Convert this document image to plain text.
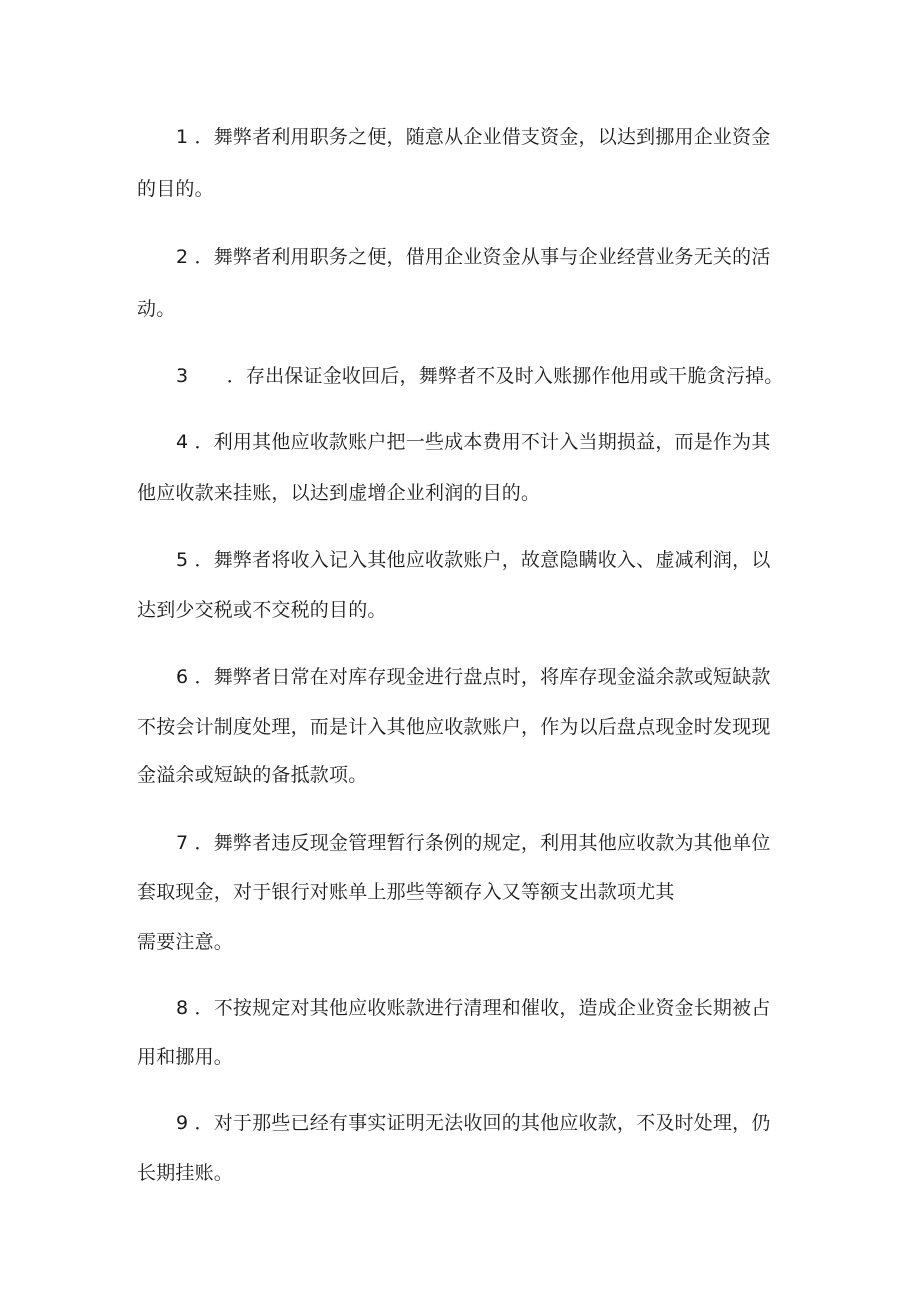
1 ．舞弊者利用职务之便，随意从企业借支资金，以达到挪用企业资金
的目的。
2 ．舞弊者利用职务之便，借用企业资金从事与企业经营业务无关的活
动。
3　　．存出保证金收回后，舞弊者不及时入账挪作他用或干脆贪污掉。
4 ．利用其他应收款账户把一些成本费用不计入当期损益，而是作为其
他应收款来挂账，以达到虚增企业利润的目的。
5 ．舞弊者将收入记入其他应收款账户，故意隐瞒收入、虚减利润，以
达到少交税或不交税的目的。
6 ．舞弊者日常在对库存现金进行盘点时，将库存现金溢余款或短缺款
不按会计制度处理，而是计入其他应收款账户，作为以后盘点现金时发现现
金溢余或短缺的备抵款项。
7 ．舞弊者违反现金管理暂行条例的规定，利用其他应收款为其他单位
套取现金，对于银行对账单上那些等额存入又等额支出款项尤其
需要注意。
8 ．不按规定对其他应收账款进行清理和催收，造成企业资金长期被占
用和挪用。
9 ．对于那些已经有事实证明无法收回的其他应收款，不及时处理，仍
长期挂账。
